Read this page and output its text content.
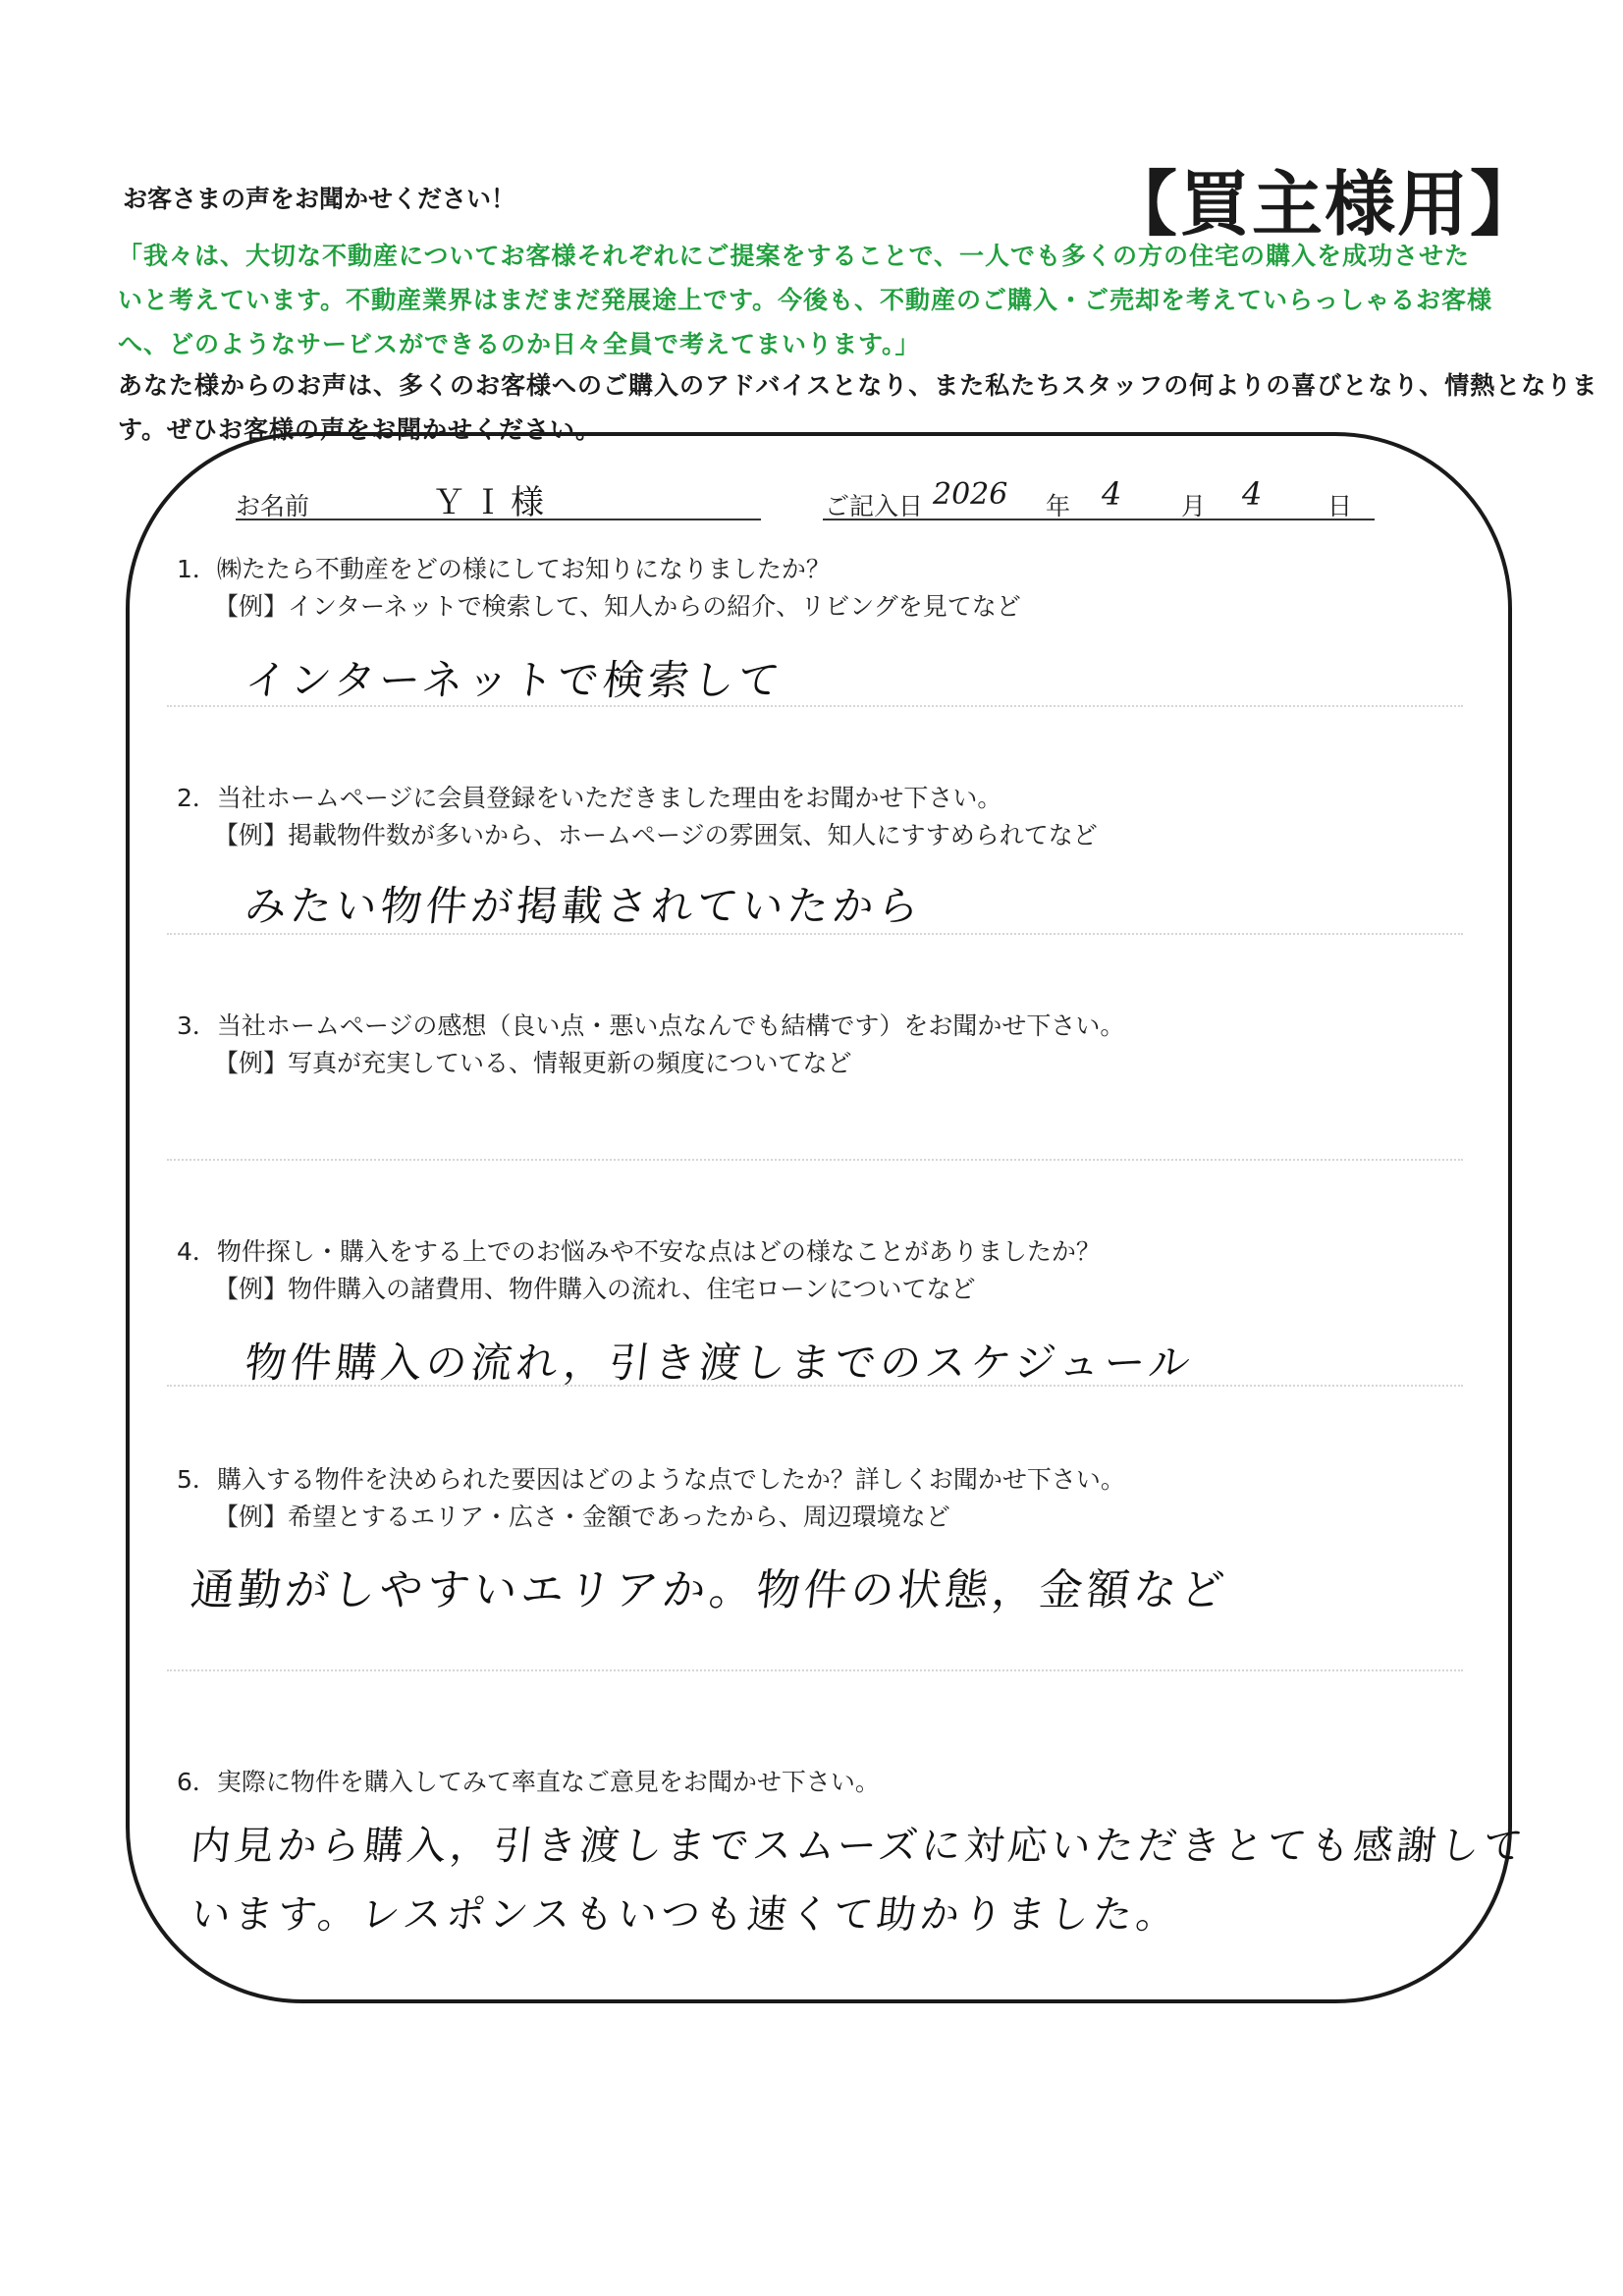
お客さまの声をお聞かせください！	【買主様用】
「我々は、大切な不動産についてお客様それぞれにご提案をすることで、一人でも多くの方の住宅の購入を成功させた
いと考えています。不動産業界はまだまだ発展途上です。今後も、不動産のご購入・ご売却を考えていらっしゃるお客様
へ、どのようなサービスができるのか日々全員で考えてまいります。」
あなた様からのお声は、多くのお客様へのご購入のアドバイスとなり、また私たちスタッフの何よりの喜びとなり、情熱となりま
す。ぜひお客様の声をお聞かせください。
お名前	ＹＩ様	ご記入日 2026 年 4 月 4	日
1．㈱たたら不動産をどの様にしてお知りになりましたか？
【例】インターネットで検索して、知人からの紹介、リビングを見てなど
インターネットで検索して
2．当社ホームページに会員登録をいただきました理由をお聞かせ下さい。
【例】掲載物件数が多いから、ホームページの雰囲気、知人にすすめられてなど
みたい物件が掲載されていたから
3．当社ホームページの感想（良い点・悪い点なんでも結構です）をお聞かせ下さい。
【例】写真が充実している、情報更新の頻度についてなど
4．物件探し・購入をする上でのお悩みや不安な点はどの様なことがありましたか？
【例】物件購入の諸費用、物件購入の流れ、住宅ローンについてなど
物件購入の流れ，引き渡しまでのスケジュール
5．購入する物件を決められた要因はどのような点でしたか？詳しくお聞かせ下さい。
【例】希望とするエリア・広さ・金額であったから、周辺環境など
通勤がしやすいエリアか。物件の状態，金額など
6．実際に物件を購入してみて率直なご意見をお聞かせ下さい。
内見から購入，引き渡しまでスムーズに対応いただきとても感謝して
います。レスポンスもいつも速くて助かりました。
